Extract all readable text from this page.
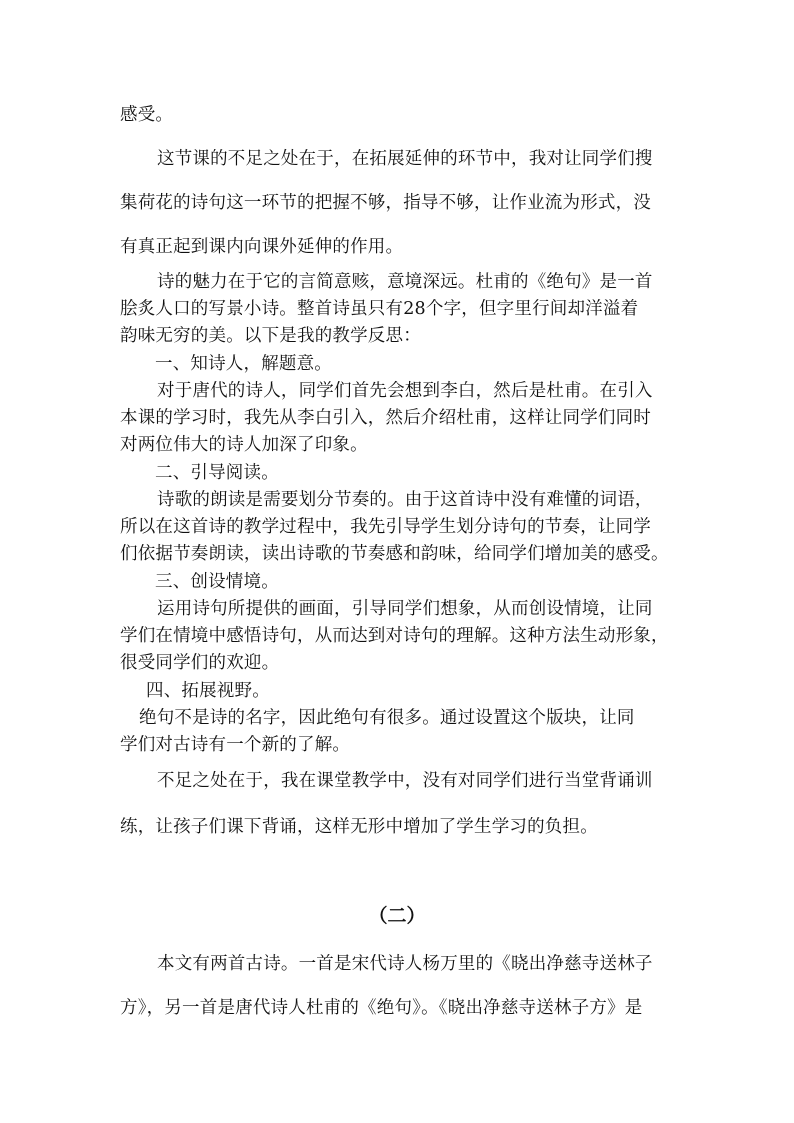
感受。
这节课的不足之处在于，在拓展延伸的环节中，我对让同学们搜
集荷花的诗句这一环节的把握不够，指导不够，让作业流为形式，没
有真正起到课内向课外延伸的作用。
诗的魅力在于它的言简意赅，意境深远。杜甫的《绝句》是一首
脍炙人口的写景小诗。整首诗虽只有28个字，但字里行间却洋溢着
韵味无穷的美。以下是我的教学反思：
一、知诗人，解题意。
对于唐代的诗人，同学们首先会想到李白，然后是杜甫。在引入
本课的学习时，我先从李白引入，然后介绍杜甫，这样让同学们同时
对两位伟大的诗人加深了印象。
二、引导阅读。
诗歌的朗读是需要划分节奏的。由于这首诗中没有难懂的词语，
所以在这首诗的教学过程中，我先引导学生划分诗句的节奏，让同学
们依据节奏朗读，读出诗歌的节奏感和韵味，给同学们增加美的感受。
三、创设情境。
运用诗句所提供的画面，引导同学们想象，从而创设情境，让同
学们在情境中感悟诗句，从而达到对诗句的理解。这种方法生动形象，
很受同学们的欢迎。
四、拓展视野。
绝句不是诗的名字，因此绝句有很多。通过设置这个版块，让同
学们对古诗有一个新的了解。
不足之处在于，我在课堂教学中，没有对同学们进行当堂背诵训
练，让孩子们课下背诵，这样无形中增加了学生学习的负担。
（二）
本文有两首古诗。一首是宋代诗人杨万里的《晓出净慈寺送林子
方》，另一首是唐代诗人杜甫的《绝句》。《晓出净慈寺送林子方》是
